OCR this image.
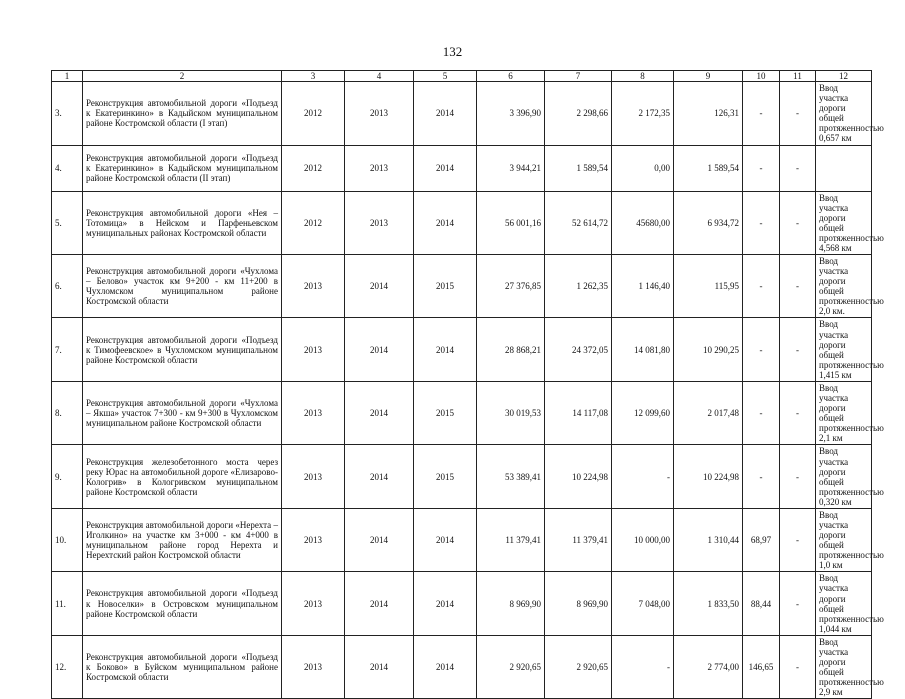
132
1	2	3	4	5	6	7	8	9	10	11	12
3.	Реконструкция автомобильной дороги «Подъезд к Екатеринкино» в Кадыйском муниципальном районе Костромской области (I этап)	2012	2013	2014	3 396,90	2 298,66	2 172,35	126,31	-	-	Ввод участка дороги общей протяженностью 0,657 км
4.	Реконструкция автомобильной дороги «Подъезд к Екатеринкино» в Кадыйском муниципальном районе Костромской области (II этап)	2012	2013	2014	3 944,21	1 589,54	0,00	1 589,54	-	-	
5.	Реконструкция автомобильной дороги «Нея – Тотомица» в Нейском и Парфеньевском муниципальных районах Костромской области	2012	2013	2014	56 001,16	52 614,72	45680,00	6 934,72	-	-	Ввод участка дороги общей протяженностью 4,568 км
6.	Реконструкция автомобильной дороги «Чухлома – Белово» участок км 9+200 - км 11+200 в Чухломском муниципальном районе Костромской области	2013	2014	2015	27 376,85	1 262,35	1 146,40	115,95	-	-	Ввод участка дороги общей протяженностью 2,0 км.
7.	Реконструкция автомобильной дороги «Подъезд к Тимофеевское» в Чухломском муниципальном районе Костромской области	2013	2014	2014	28 868,21	24 372,05	14 081,80	10 290,25	-	-	Ввод участка дороги общей протяженностью 1,415 км
8.	Реконструкция автомобильной дороги «Чухлома – Якша» участок 7+300 - км 9+300 в Чухломском муниципальном районе Костромской области	2013	2014	2015	30 019,53	14 117,08	12 099,60	2 017,48	-	-	Ввод участка дороги общей протяженностью 2,1 км
9.	Реконструкция железобетонного моста через реку Юрас на автомобильной дороге «Елизарово-Кологрив» в Кологривском муниципальном районе Костромской области	2013	2014	2015	53 389,41	10 224,98	-	10 224,98	-	-	Ввод участка дороги общей протяженностью 0,320 км
10.	Реконструкция автомобильной дороги «Нерехта – Иголкино» на участке км 3+000 - км 4+000 в муниципальном районе город Нерехта и Нерехтский район Костромской области	2013	2014	2014	11 379,41	11 379,41	10 000,00	1 310,44	68,97	-	Ввод участка дороги общей протяженностью 1,0 км
11.	Реконструкция автомобильной дороги «Подъезд к Новоселки» в Островском муниципальном районе Костромской области	2013	2014	2014	8 969,90	8 969,90	7 048,00	1 833,50	88,44	-	Ввод участка дороги общей протяженностью 1,044 км
12.	Реконструкция автомобильной дороги «Подъезд к Боково» в Буйском муниципальном районе Костромской области	2013	2014	2014	2 920,65	2 920,65	-	2 774,00	146,65	-	Ввод участка дороги общей протяженностью 2,9 км
